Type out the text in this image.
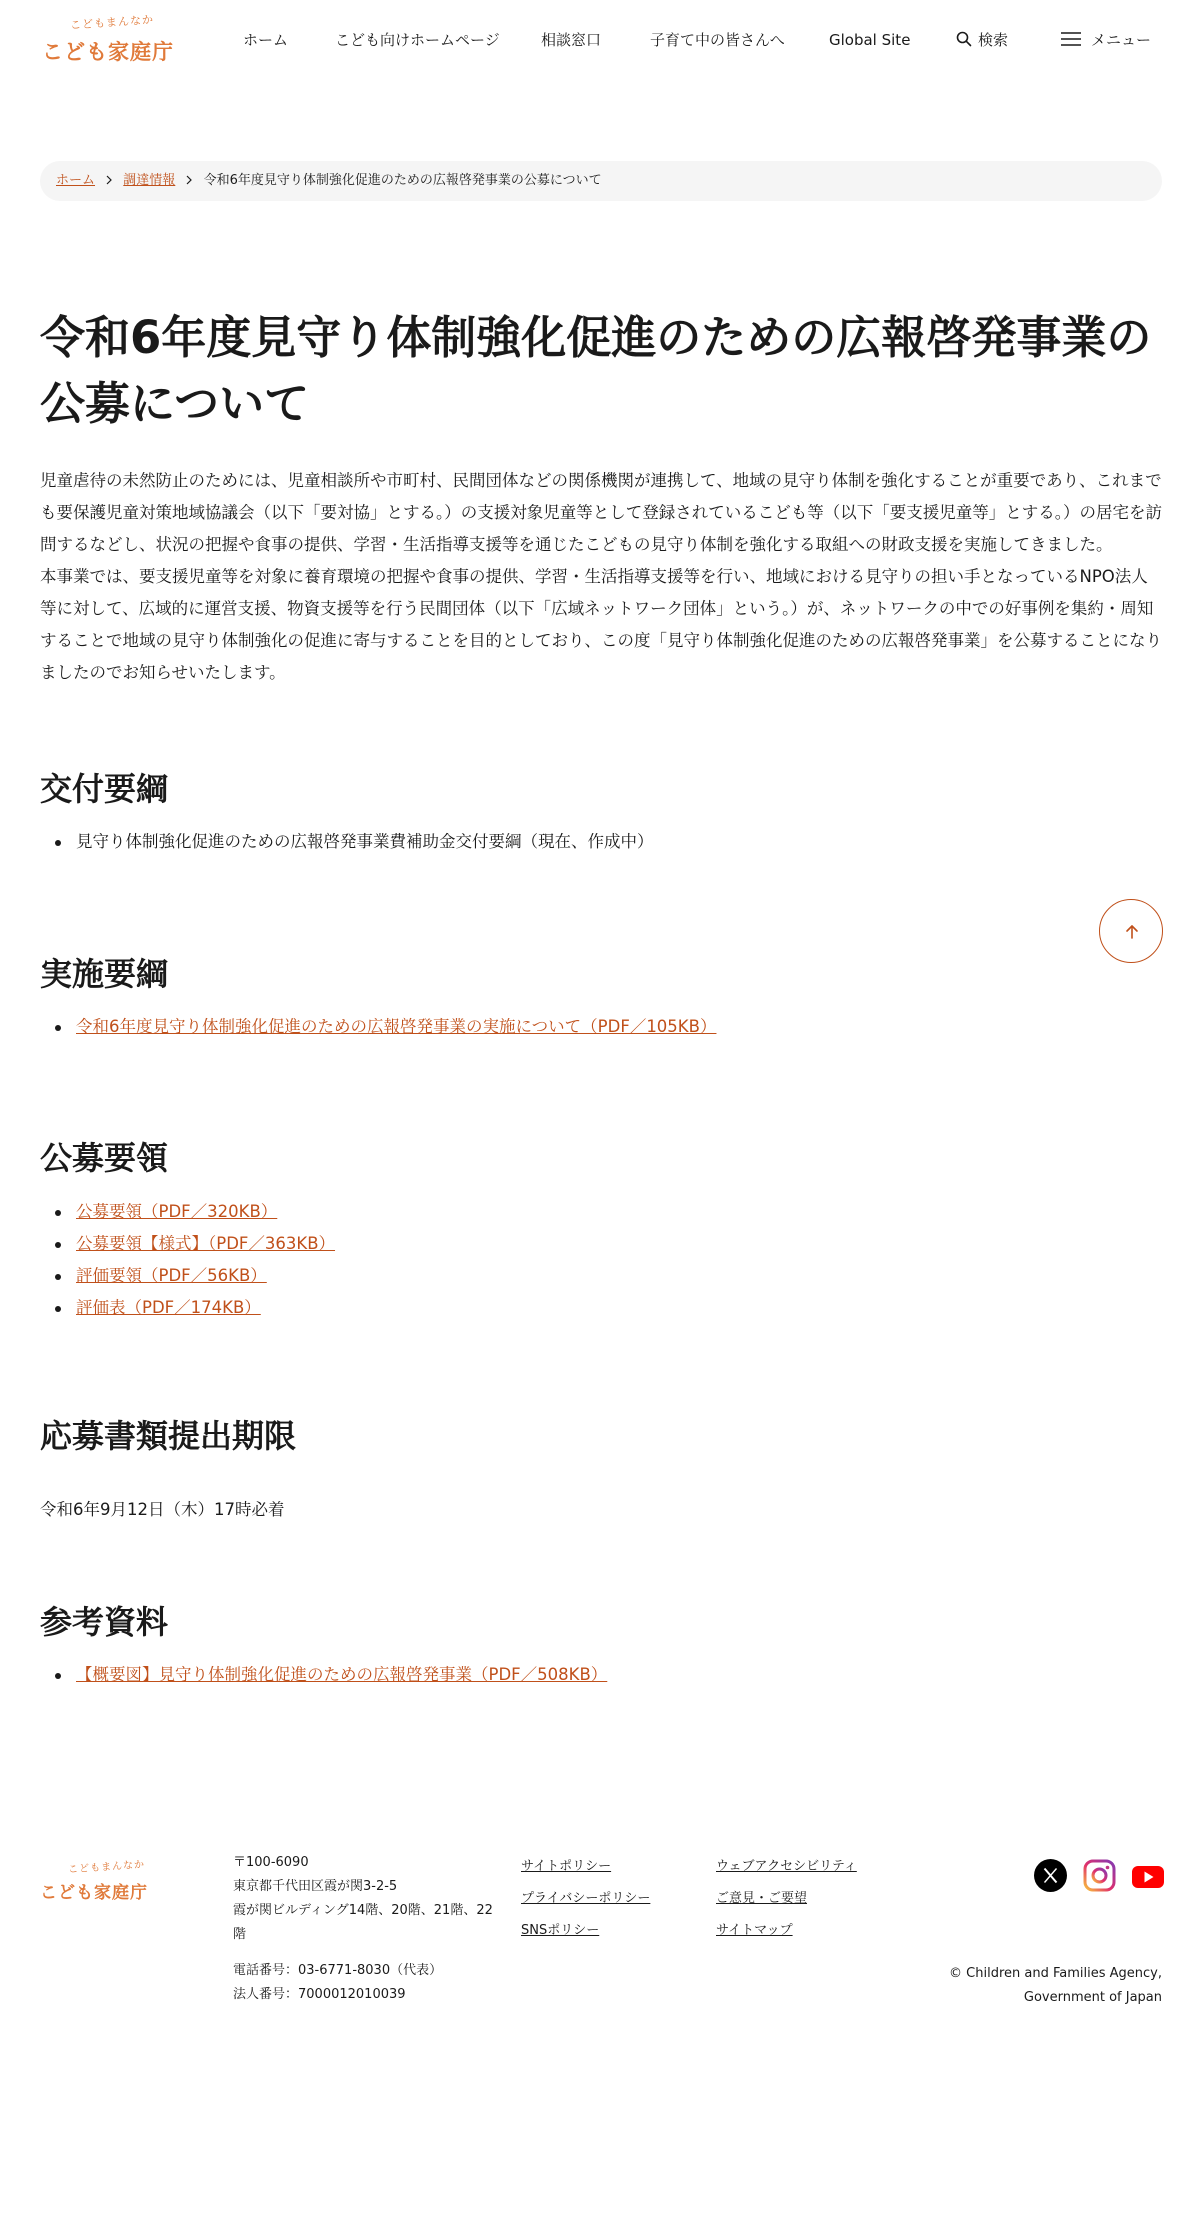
こどもまんなか
こども家庭庁	ホーム	こども向けホームページ	相談窓口	子育て中の皆さんへ	Global Site	検索	メニュー
ホーム 調達情報 令和6年度見守り体制強化促進のための広報啓発事業の公募について
令和6年度見守り体制強化促進のための広報啓発事業の公募について

児童虐待の未然防止のためには、児童相談所や市町村、民間団体などの関係機関が連携して、地域の見守り体制を強化することが重要であり、これまでも要保護児童対策地域協議会（以下「要対協」とする。）の支援対象児童等として登録されているこども等（以下「要支援児童等」とする。）の居宅を訪問するなどし、状況の把握や食事の提供、学習・生活指導支援等を通じたこどもの見守り体制を強化する取組への財政支援を実施してきました。

本事業では、要支援児童等を対象に養育環境の把握や食事の提供、学習・生活指導支援等を行い、地域における見守りの担い手となっているNPO法人等に対して、広域的に運営支援、物資支援等を行う民間団体（以下「広域ネットワーク団体」という。）が、ネットワークの中での好事例を集約・周知することで地域の見守り体制強化の促進に寄与することを目的としており、この度「見守り体制強化促進のための広報啓発事業」を公募することになりましたのでお知らせいたします。

交付要綱
見守り体制強化促進のための広報啓発事業費補助金交付要綱（現在、作成中）
実施要綱
令和6年度見守り体制強化促進のための広報啓発事業の実施について（PDF／105KB）
公募要領
公募要領（PDF／320KB）
公募要領【様式】（PDF／363KB）
評価要領（PDF／56KB）
評価表（PDF／174KB）
応募書類提出期限

令和6年9月12日（木）17時必着

参考資料
【概要図】見守り体制強化促進のための広報啓発事業（PDF／508KB）
こどもまんなか
こども家庭庁
〒100-6090
東京都千代田区霞が関3-2-5
霞が関ビルディング14階、20階、21階、22階
電話番号：03-6771-8030（代表）
法人番号：7000012010039
サイトポリシー
プライバシーポリシー
SNSポリシー
ウェブアクセシビリティ
ご意見・ご要望
サイトマップ
© Children and Families Agency,
Government of Japan
